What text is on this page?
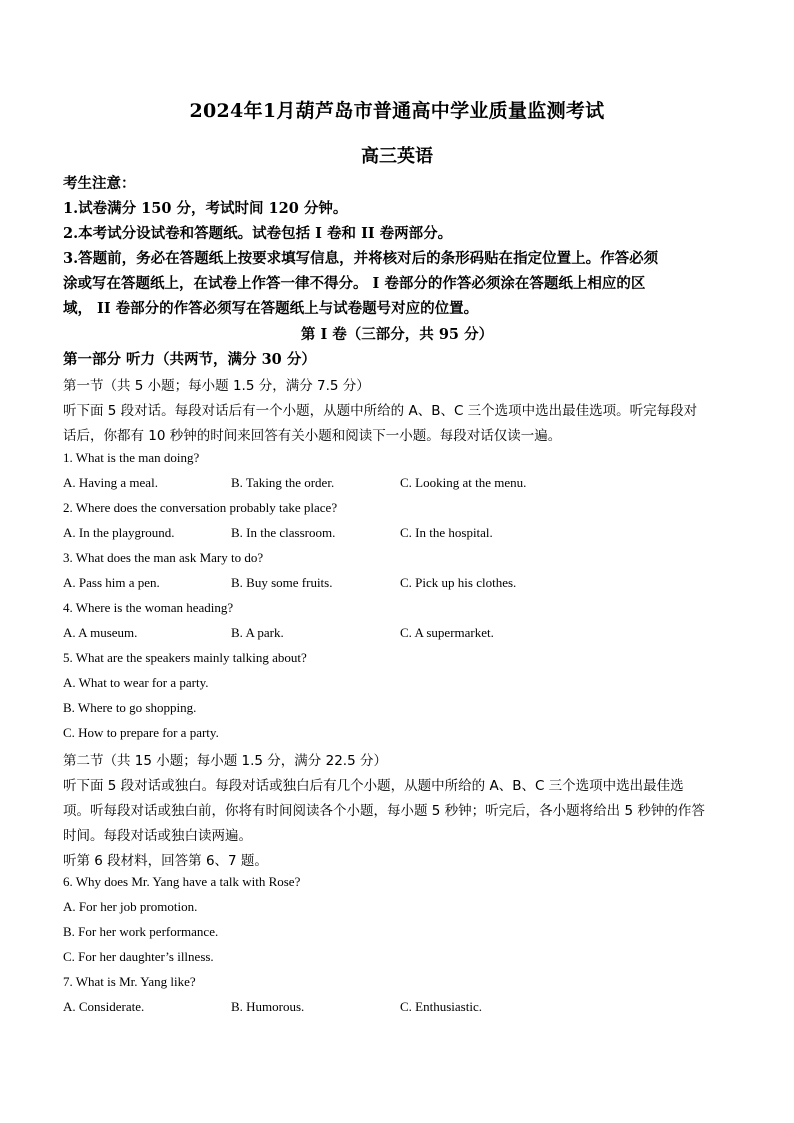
2024年1月葫芦岛市普通高中学业质量监测考试
高三英语
考生注意：
1.试卷满分 150 分，考试时间 120 分钟。
2.本考试分设试卷和答题纸。试卷包括 I 卷和 II 卷两部分。
3.答题前，务必在答题纸上按要求填写信息，并将核对后的条形码贴在指定位置上。作答必须
涂或写在答题纸上，在试卷上作答一律不得分。 I 卷部分的作答必须涂在答题纸上相应的区
域， II 卷部分的作答必须写在答题纸上与试卷题号对应的位置。
第 I 卷（三部分，共 95 分）
第一部分 听力（共两节，满分 30 分）
第一节（共 5 小题；每小题 1.5 分，满分 7.5 分）
听下面 5 段对话。每段对话后有一个小题，从题中所给的 A、B、C 三个选项中选出最佳选项。听完每段对
话后，你都有 10 秒钟的时间来回答有关小题和阅读下一小题。每段对话仅读一遍。
1. What is the man doing?
A. Having a meal.	B. Taking the order.	C. Looking at the menu.
2. Where does the conversation probably take place?
A. In the playground.	B. In the classroom.	C. In the hospital.
3. What does the man ask Mary to do?
A. Pass him a pen.	B. Buy some fruits.	C. Pick up his clothes.
4. Where is the woman heading?
A. A museum.	B. A park.	C. A supermarket.
5. What are the speakers mainly talking about?
A. What to wear for a party.
B. Where to go shopping.
C. How to prepare for a party.
第二节（共 15 小题；每小题 1.5 分，满分 22.5 分）
听下面 5 段对话或独白。每段对话或独白后有几个小题，从题中所给的 A、B、C 三个选项中选出最佳选
项。听每段对话或独白前，你将有时间阅读各个小题，每小题 5 秒钟；听完后，各小题将给出 5 秒钟的作答
时间。每段对话或独白读两遍。
听第 6 段材料，回答第 6、7 题。
6. Why does Mr. Yang have a talk with Rose?
A. For her job promotion.
B. For her work performance.
C. For her daughter’s illness.
7. What is Mr. Yang like?
A. Considerate.	B. Humorous.	C. Enthusiastic.
